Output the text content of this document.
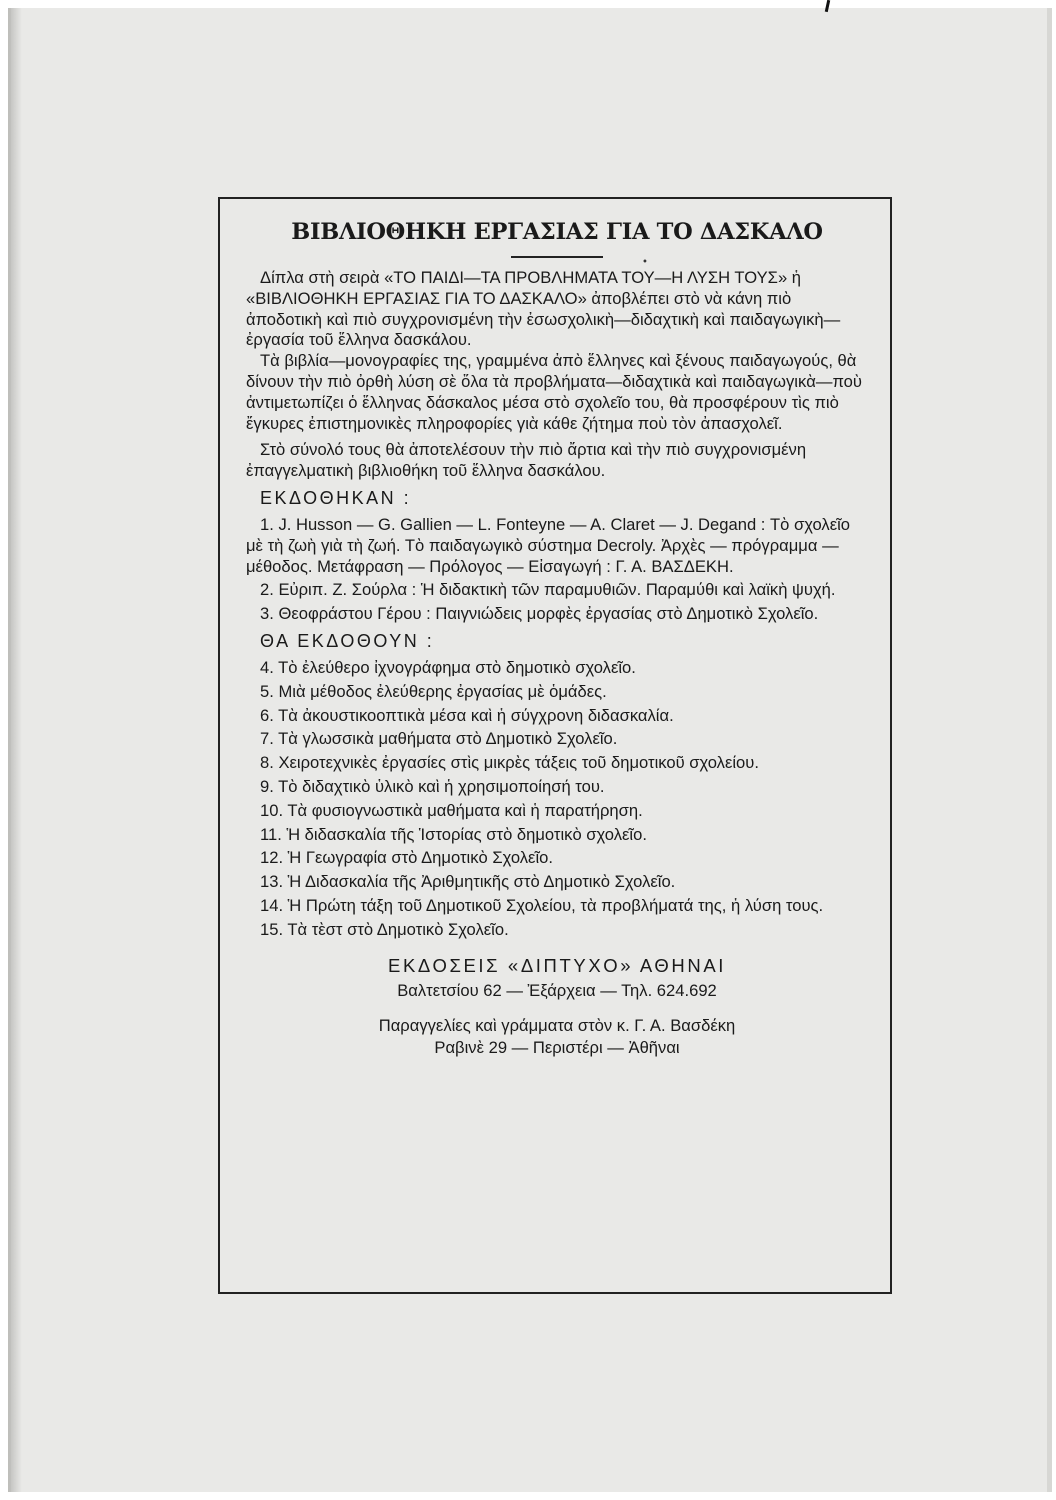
ΒΙΒΛΙΟΘΗΚΗ ΕΡΓΑΣΙΑΣ ΓΙΑ ΤΟ ΔΑΣΚΑΛΟ
•

Δίπλα στὴ σειρὰ «ΤΟ ΠΑΙΔΙ—ΤΑ ΠΡΟΒΛΗΜΑΤΑ ΤΟΥ—Η ΛΥΣΗ ΤΟΥΣ» ἡ «ΒΙΒΛΙΟΘΗΚΗ ΕΡΓΑΣΙΑΣ ΓΙΑ ΤΟ ΔΑΣΚΑΛΟ» ἀποβλέπει στὸ νὰ κάνη πιὸ ἀποδοτικὴ καὶ πιὸ συγχρονισμένη τὴν ἐσωσχολικὴ—διδαχτικὴ καὶ παιδαγωγικὴ—ἐργασία τοῦ ἕλληνα δασκάλου.

Τὰ βιβλία—μονογραφίες της, γραμμένα ἀπὸ ἕλληνες καὶ ξένους παιδαγωγούς, θὰ δίνουν τὴν πιὸ ὀρθὴ λύση σὲ ὅλα τὰ προβλήματα—διδαχτικὰ καὶ παιδαγωγικὰ—ποὺ ἀντιμετωπίζει ὁ ἕλληνας δάσκαλος μέσα στὸ σχολεῖο του, θὰ προσφέρουν τὶς πιὸ ἔγκυρες ἐπιστημονικὲς πληροφορίες γιὰ κάθε ζήτημα ποὺ τὸν ἀπασχολεῖ.

Στὸ σύνολό τους θὰ ἀποτελέσουν τὴν πιὸ ἄρτια καὶ τὴν πιὸ συγχρονισμένη ἐπαγγελματικὴ βιβλιοθήκη τοῦ ἕλληνα δασκάλου.

ΕΚΔΟΘΗΚΑΝ :
1. J. Husson — G. Gallien — L. Fonteyne — A. Claret — J. Degand : Τὸ σχολεῖο μὲ τὴ ζωὴ γιὰ τὴ ζωή. Τὸ παιδαγωγικὸ σύστημα Decroly. Ἀρχὲς — πρόγραμμα — μέθοδος. Μετάφραση — Πρόλογος — Εἰσαγωγή : Γ. Α. ΒΑΣΔΕΚΗ.
2. Εὐριπ. Ζ. Σούρλα : Ἡ διδακτικὴ τῶν παραμυθιῶν. Παραμύθι καὶ λαϊκὴ ψυχή.
3. Θεοφράστου Γέρου : Παιγνιώδεις μορφὲς ἐργασίας στὸ Δημοτικὸ Σχολεῖο.
ΘΑ ΕΚΔΟΘΟΥΝ :
4. Τὸ ἐλεύθερο ἰχνογράφημα στὸ δημοτικὸ σχολεῖο.
5. Μιὰ μέθοδος ἐλεύθερης ἐργασίας μὲ ὁμάδες.
6. Τὰ ἀκουστικοοπτικὰ μέσα καὶ ἡ σύγχρονη διδασκαλία.
7. Τὰ γλωσσικὰ μαθήματα στὸ Δημοτικὸ Σχολεῖο.
8. Χειροτεχνικὲς ἐργασίες στὶς μικρὲς τάξεις τοῦ δημοτικοῦ σχολείου.
9. Τὸ διδαχτικὸ ὑλικὸ καὶ ἡ χρησιμοποίησή του.
10. Τὰ φυσιογνωστικὰ μαθήματα καὶ ἡ παρατήρηση.
11. Ἡ διδασκαλία τῆς Ἱστορίας στὸ δημοτικὸ σχολεῖο.
12. Ἡ Γεωγραφία στὸ Δημοτικὸ Σχολεῖο.
13. Ἡ Διδασκαλία τῆς Ἀριθμητικῆς στὸ Δημοτικὸ Σχολεῖο.
14. Ἡ Πρώτη τάξη τοῦ Δημοτικοῦ Σχολείου, τὰ προβλήματά της, ἡ λύση τους.
15. Τὰ τὲστ στὸ Δημοτικὸ Σχολεῖο.
ΕΚΔΟΣΕΙΣ «ΔΙΠΤΥΧΟ» ΑΘΗΝΑΙ
Βαλτετσίου 62 — Ἐξάρχεια — Τηλ. 624.692
Παραγγελίες καὶ γράμματα στὸν κ. Γ. Α. Βασδέκη
Ραβινὲ 29 — Περιστέρι — Ἀθῆναι
